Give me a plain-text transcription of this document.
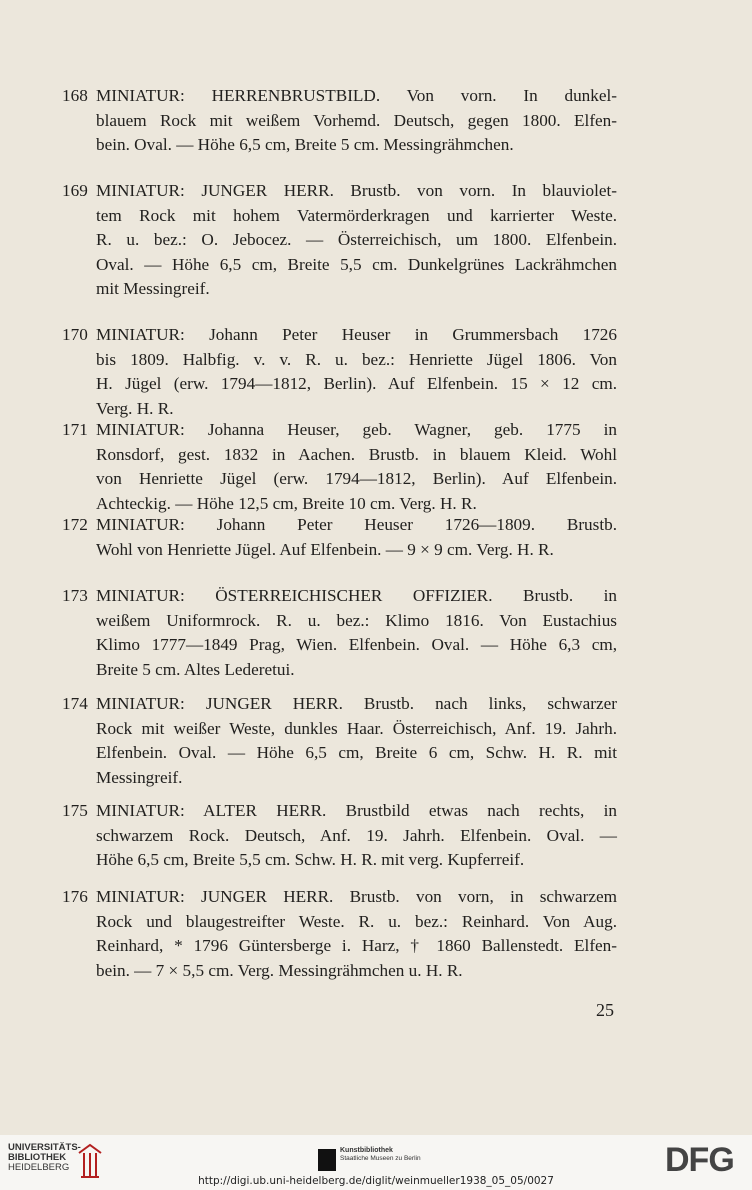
168 MINIATUR: HERRENBRUSTBILD. Von vorn. In dunkel-
blauem Rock mit weißem Vorhemd. Deutsch, gegen 1800. Elfen-
bein. Oval. — Höhe 6,5 cm, Breite 5 cm. Messingrähmchen.
169 MINIATUR: JUNGER HERR. Brustb. von vorn. In blauviolet-
tem Rock mit hohem Vatermörderkragen und karrierter Weste.
R. u. bez.: O. Jebocez. — Österreichisch, um 1800. Elfenbein.
Oval. — Höhe 6,5 cm, Breite 5,5 cm. Dunkelgrünes Lackrähmchen
mit Messingreif.
170 MINIATUR: Johann Peter Heuser in Grummersbach 1726
bis 1809. Halbfig. v. v. R. u. bez.: Henriette Jügel 1806. Von
H. Jügel (erw. 1794—1812, Berlin). Auf Elfenbein. 15 × 12 cm.
Verg. H. R.
171 MINIATUR: Johanna Heuser, geb. Wagner, geb. 1775 in
Ronsdorf, gest. 1832 in Aachen. Brustb. in blauem Kleid. Wohl
von Henriette Jügel (erw. 1794—1812, Berlin). Auf Elfenbein.
Achteckig. — Höhe 12,5 cm, Breite 10 cm. Verg. H. R.
172 MINIATUR: Johann Peter Heuser 1726—1809. Brustb.
Wohl von Henriette Jügel. Auf Elfenbein. — 9 × 9 cm. Verg. H. R.
173 MINIATUR: ÖSTERREICHISCHER OFFIZIER. Brustb. in
weißem Uniformrock. R. u. bez.: Klimo 1816. Von Eustachius
Klimo 1777—1849 Prag, Wien. Elfenbein. Oval. — Höhe 6,3 cm,
Breite 5 cm. Altes Lederetui.
174 MINIATUR: JUNGER HERR. Brustb. nach links, schwarzer
Rock mit weißer Weste, dunkles Haar. Österreichisch, Anf. 19. Jahrh.
Elfenbein. Oval. — Höhe 6,5 cm, Breite 6 cm, Schw. H. R. mit
Messingreif.
175 MINIATUR: ALTER HERR. Brustbild etwas nach rechts, in
schwarzem Rock. Deutsch, Anf. 19. Jahrh. Elfenbein. Oval. —
Höhe 6,5 cm, Breite 5,5 cm. Schw. H. R. mit verg. Kupferreif.
176 MINIATUR: JUNGER HERR. Brustb. von vorn, in schwarzem
Rock und blaugestreifter Weste. R. u. bez.: Reinhard. Von Aug.
Reinhard, * 1796 Güntersberge i. Harz, † 1860 Ballenstedt. Elfen-
bein. — 7 × 5,5 cm. Verg. Messingrähmchen u. H. R.
25
UNIVERSITÄTS-
BIBLIOTHEK
HEIDELBERG
Kunstbibliothek
Staatliche Museen zu Berlin
http://digi.ub.uni-heidelberg.de/diglit/weinmueller1938_05_05/0027
DFG
